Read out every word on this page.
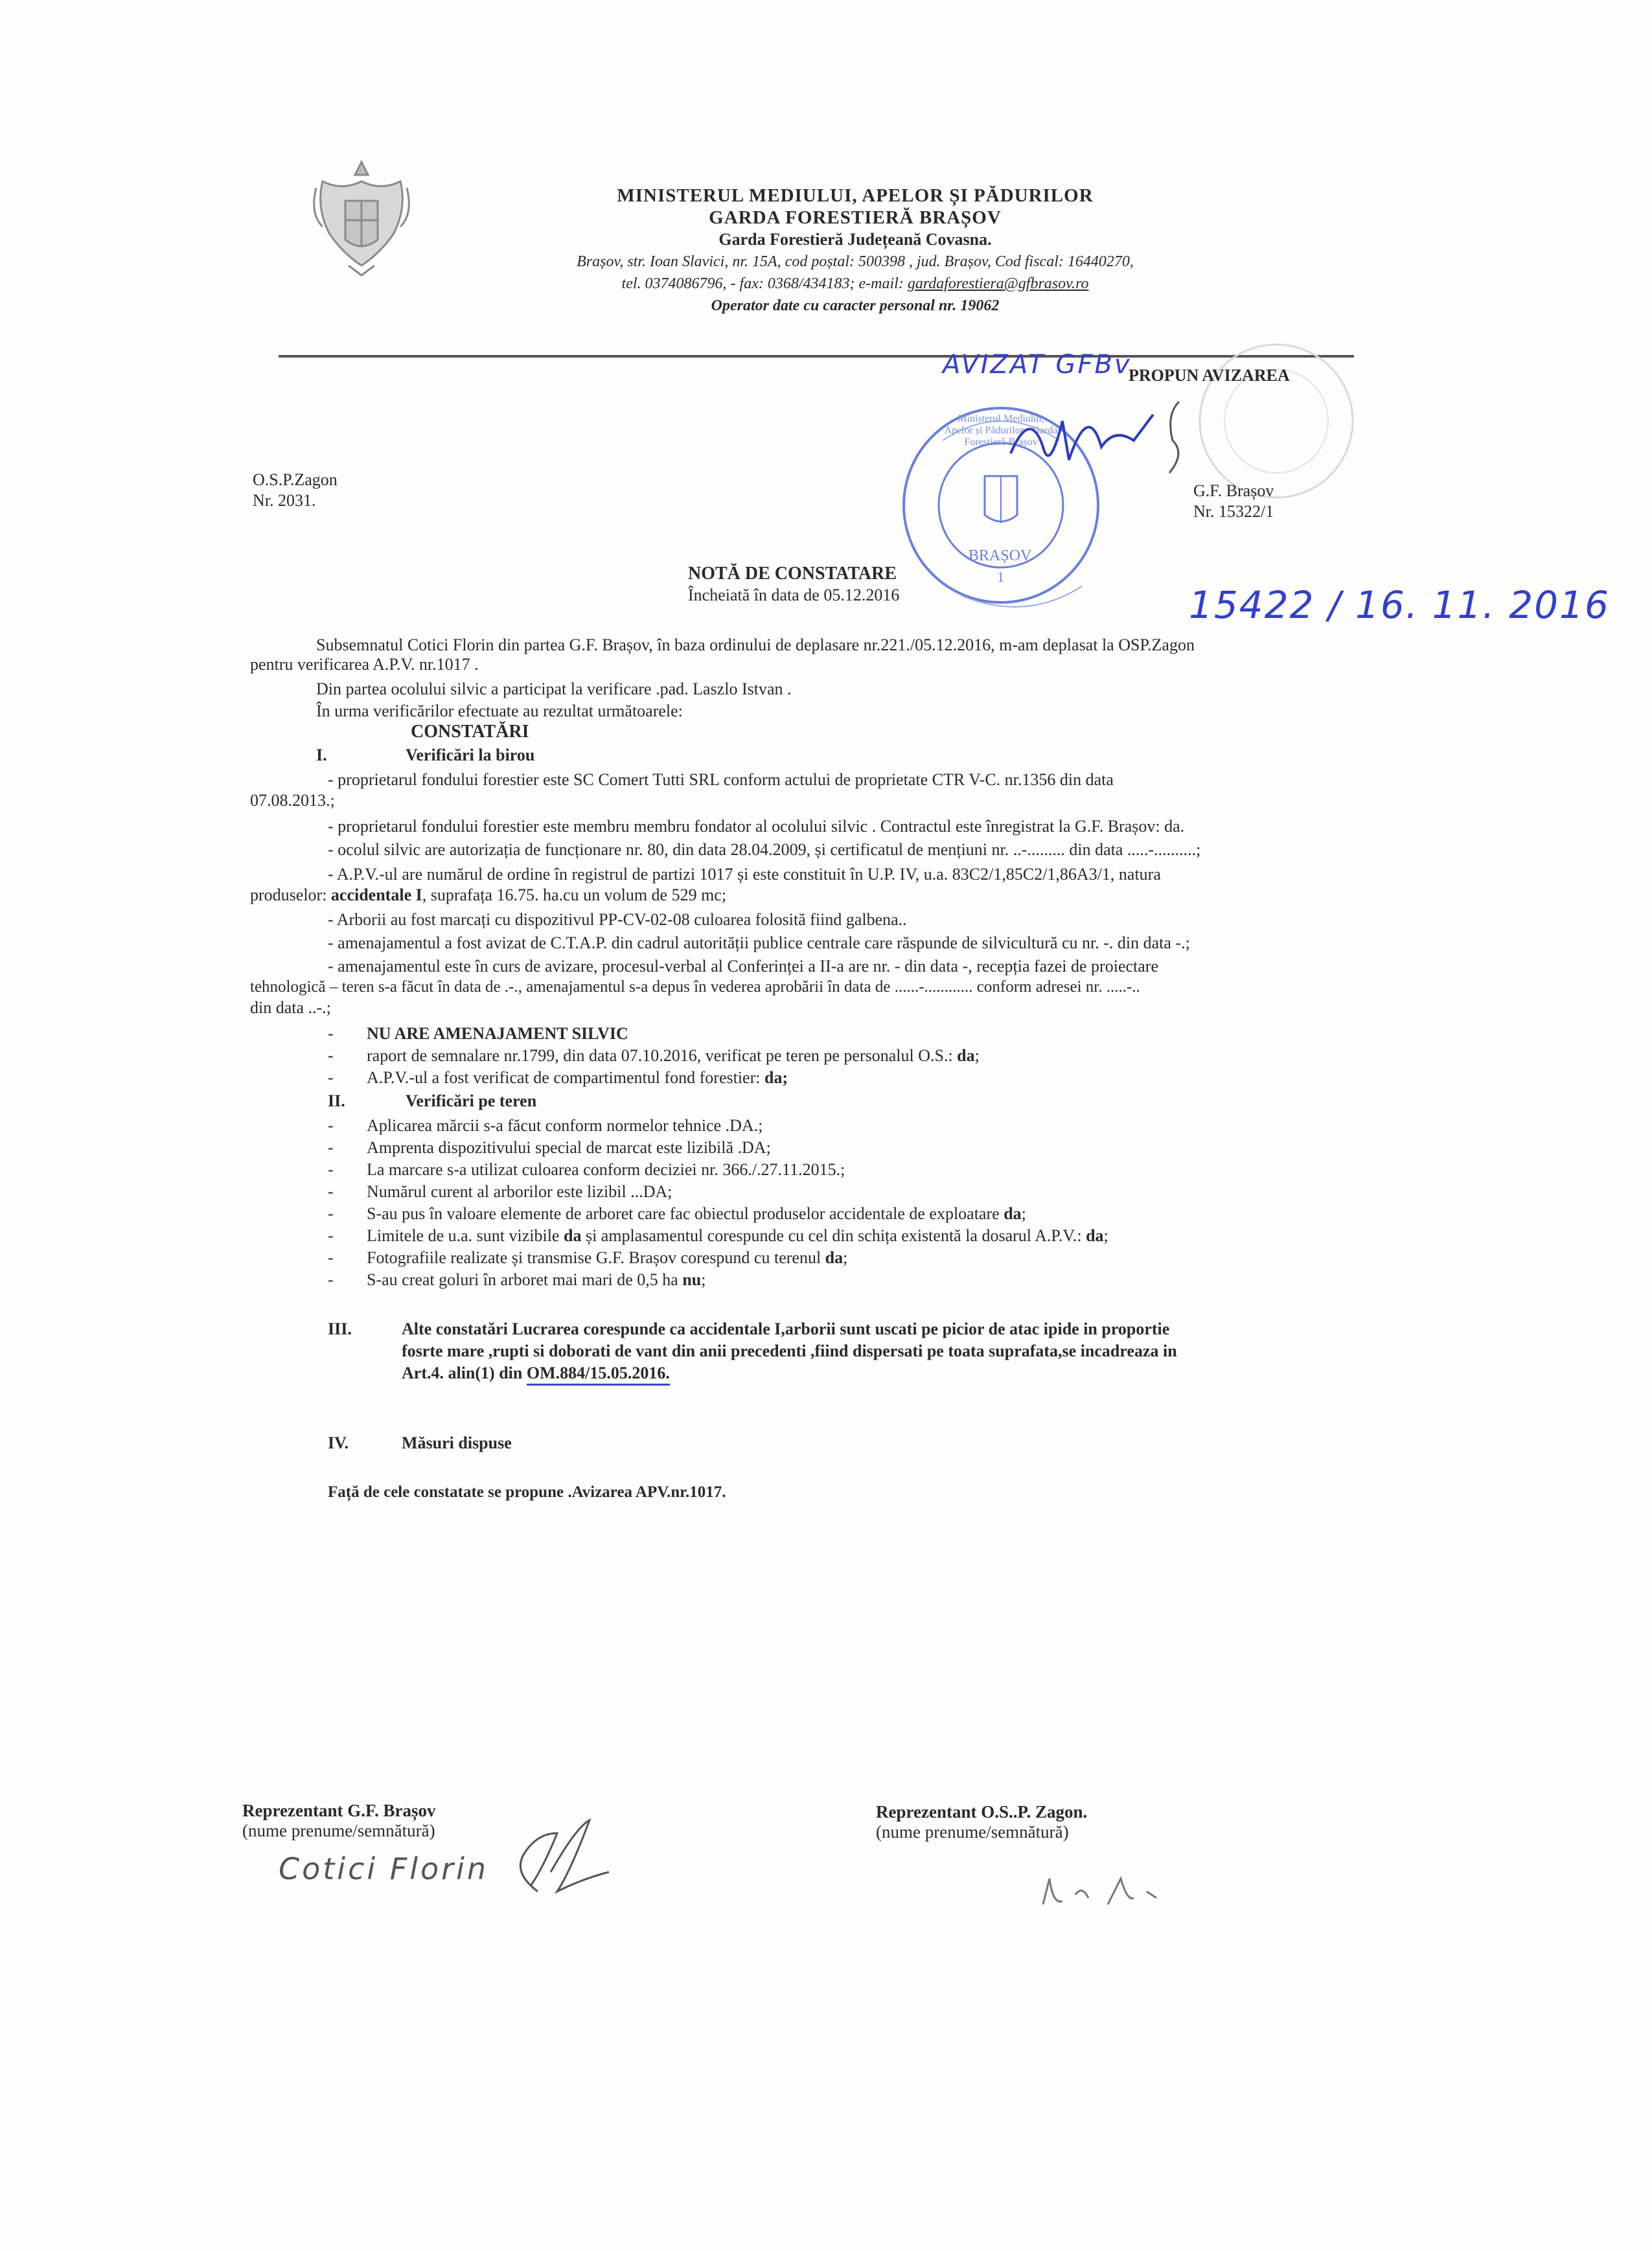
MINISTERUL MEDIULUI, APELOR ȘI PĂDURILOR
GARDA FORESTIERĂ BRAȘOV
Garda Forestieră Județeană Covasna.
Brașov, str. Ioan Slavici, nr. 15A, cod poștal: 500398 , jud. Brașov, Cod fiscal: 16440270,
tel. 0374086796, - fax: 0368/434183; e-mail: gardaforestiera@gfbrasov.ro
Operator date cu caracter personal nr. 19062
AVIZAT GFBv
PROPUN AVIZAREA
Ministerul Mediului, Apelor și Pădurilor · Garda Forestieră Brașov
BRAȘOV
1
15422 / 16. 11. 2016
O.S.P.Zagon
Nr. 2031.
G.F. Brașov
Nr. 15322/1
NOTĂ DE CONSTATARE
Încheiată în data de 05.12.2016
Subsemnatul Cotici Florin din partea G.F. Brașov, în baza ordinului de deplasare nr.221./05.12.2016, m-am deplasat la OSP.Zagon
pentru verificarea A.P.V. nr.1017 .
Din partea ocolului silvic a participat la verificare .pad. Laszlo Istvan .
În urma verificărilor efectuate au rezultat următoarele:
CONSTATĂRI
I.	Verificări la birou
- proprietarul fondului forestier este SC Comert Tutti SRL conform actului de proprietate CTR V-C. nr.1356 din data
07.08.2013.;
- proprietarul fondului forestier este membru membru fondator al ocolului silvic . Contractul este înregistrat la G.F. Brașov: da.
- ocolul silvic are autorizația de funcționare nr. 80, din data 28.04.2009, și certificatul de mențiuni nr. ..-......... din data .....-..........;
- A.P.V.-ul are numărul de ordine în registrul de partizi 1017 și este constituit în U.P. IV, u.a. 83C2/1,85C2/1,86A3/1, natura
produselor: accidentale I, suprafața 16.75. ha.cu un volum de 529 mc;
- Arborii au fost marcați cu dispozitivul PP-CV-02-08 culoarea folosită fiind galbena..
- amenajamentul a fost avizat de C.T.A.P. din cadrul autorității publice centrale care răspunde de silvicultură cu nr. -. din data -.;
- amenajamentul este în curs de avizare, procesul-verbal al Conferinței a II-a are nr. - din data -, recepția fazei de proiectare
tehnologică – teren s-a făcut în data de .-., amenajamentul s-a depus în vederea aprobării în data de ......-............ conform adresei nr. .....-..
din data ..-.;
- NU ARE AMENAJAMENT SILVIC
- raport de semnalare nr.1799, din data 07.10.2016, verificat pe teren pe personalul O.S.: da;
- A.P.V.-ul a fost verificat de compartimentul fond forestier: da;
II.	Verificări pe teren
- Aplicarea mărcii s-a făcut conform normelor tehnice .DA.;
- Amprenta dispozitivului special de marcat este lizibilă .DA;
- La marcare s-a utilizat culoarea conform deciziei nr. 366./.27.11.2015.;
- Numărul curent al arborilor este lizibil ...DA;
- S-au pus în valoare elemente de arboret care fac obiectul produselor accidentale de exploatare da;
- Limitele de u.a. sunt vizibile da și amplasamentul corespunde cu cel din schița existentă la dosarul A.P.V.: da;
- Fotografiile realizate și transmise G.F. Brașov corespund cu terenul da;
- S-au creat goluri în arboret mai mari de 0,5 ha nu;
III.	Alte constatări Lucrarea corespunde ca accidentale I,arborii sunt uscati pe picior de atac ipide in proportie
fosrte mare ,rupti si doborati de vant din anii precedenti ,fiind dispersati pe toata suprafata,se incadreaza in
Art.4. alin(1) din OM.884/15.05.2016.
IV.	Măsuri dispuse
Față de cele constatate se propune .Avizarea APV.nr.1017.
Reprezentant G.F. Brașov
(nume prenume/semnătură)
Cotici Florin
Reprezentant O.S..P. Zagon.
(nume prenume/semnătură)
